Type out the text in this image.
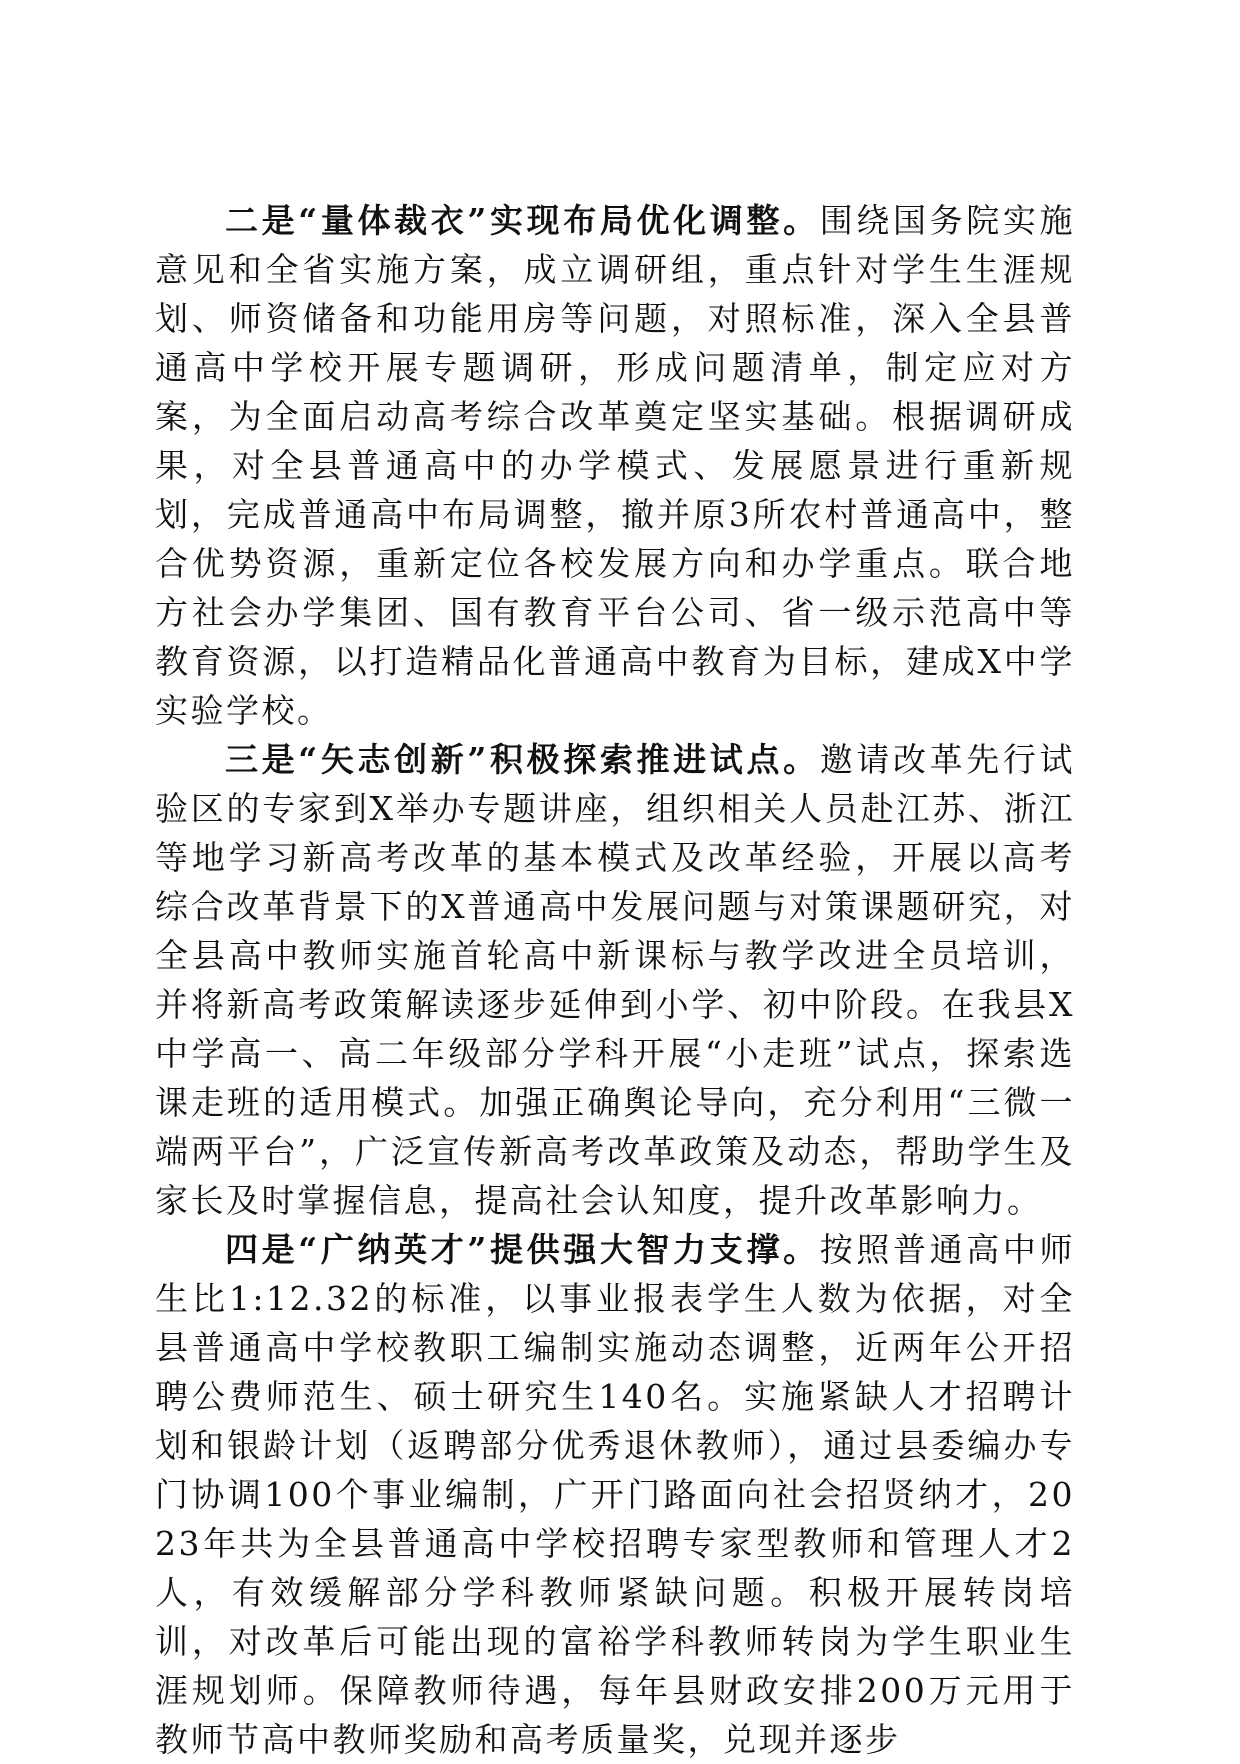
二是“量体裁衣”实现布局优化调整。围绕国务院实施意见和全省实施方案，成立调研组，重点针对学生生涯规划、师资储备和功能用房等问题，对照标准，深入全县普通高中学校开展专题调研，形成问题清单，制定应对方案，为全面启动高考综合改革奠定坚实基础。根据调研成果，对全县普通高中的办学模式、发展愿景进行重新规划，完成普通高中布局调整，撤并原3所农村普通高中，整合优势资源，重新定位各校发展方向和办学重点。联合地方社会办学集团、国有教育平台公司、省一级示范高中等教育资源，以打造精品化普通高中教育为目标，建成X中学实验学校。

三是“矢志创新”积极探索推进试点。邀请改革先行试验区的专家到X举办专题讲座，组织相关人员赴江苏、浙江等地学习新高考改革的基本模式及改革经验，开展以高考综合改革背景下的X普通高中发展问题与对策课题研究，对全县高中教师实施首轮高中新课标与教学改进全员培训，并将新高考政策解读逐步延伸到小学、初中阶段。在我县X中学高一、高二年级部分学科开展“小走班”试点，探索选课走班的适用模式。加强正确舆论导向，充分利用“三微一端两平台”，广泛宣传新高考改革政策及动态，帮助学生及家长及时掌握信息，提高社会认知度，提升改革影响力。

四是“广纳英才”提供强大智力支撑。按照普通高中师生比1:12.32的标准，以事业报表学生人数为依据，对全县普通高中学校教职工编制实施动态调整，近两年公开招聘公费师范生、硕士研究生140名。实施紧缺人才招聘计划和银龄计划（返聘部分优秀退休教师），通过县委编办专门协调100个事业编制，广开门路面向社会招贤纳才，2023年共为全县普通高中学校招聘专家型教师和管理人才2人，有效缓解部分学科教师紧缺问题。积极开展转岗培训，对改革后可能出现的富裕学科教师转岗为学生职业生涯规划师。保障教师待遇，每年县财政安排200万元用于教师节高中教师奖励和高考质量奖，兑现并逐步
